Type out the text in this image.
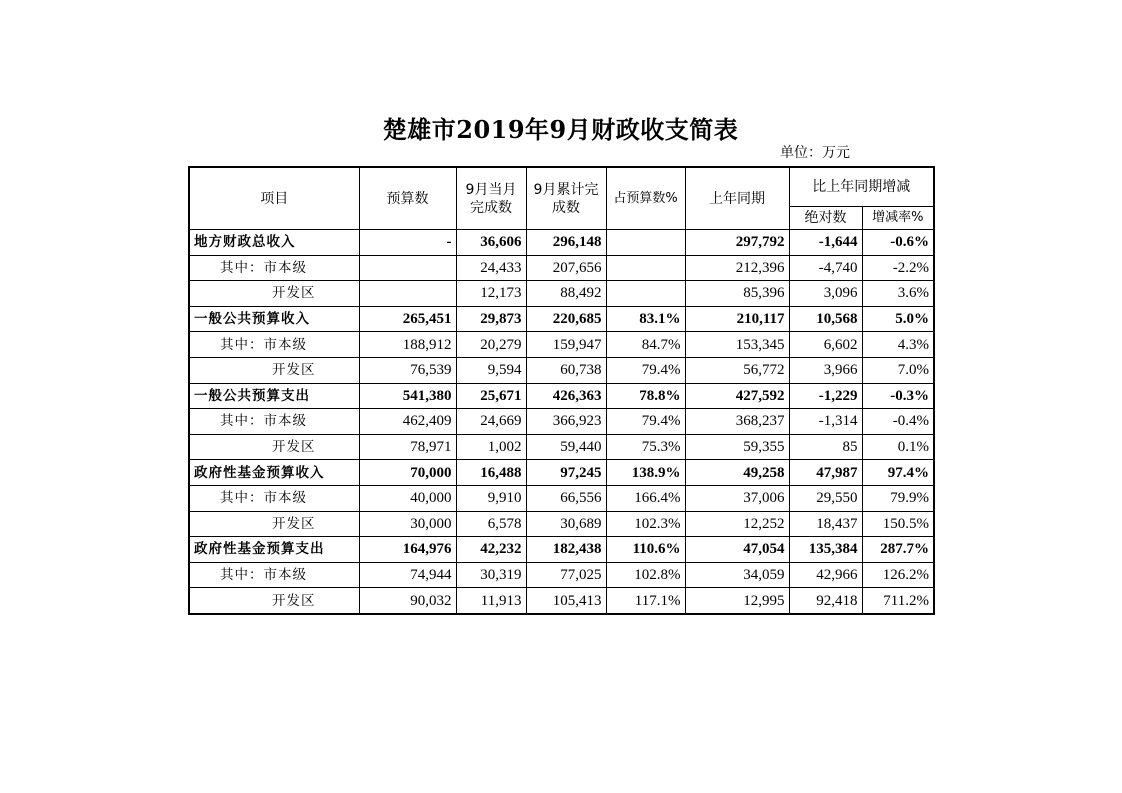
楚雄市2019年9月财政收支简表
单位：万元
项目	预算数	9月当月完成数	9月累计完成数	占预算数%	上年同期	比上年同期增减	
						绝对数	增减率%
地方财政总收入	-	36,606	296,148		297,792	-1,644	-0.6%
其中：市本级		24,433	207,656		212,396	-4,740	-2.2%
开发区		12,173	88,492		85,396	3,096	3.6%
一般公共预算收入	265,451	29,873	220,685	83.1%	210,117	10,568	5.0%
其中：市本级	188,912	20,279	159,947	84.7%	153,345	6,602	4.3%
开发区	76,539	9,594	60,738	79.4%	56,772	3,966	7.0%
一般公共预算支出	541,380	25,671	426,363	78.8%	427,592	-1,229	-0.3%
其中：市本级	462,409	24,669	366,923	79.4%	368,237	-1,314	-0.4%
开发区	78,971	1,002	59,440	75.3%	59,355	85	0.1%
政府性基金预算收入	70,000	16,488	97,245	138.9%	49,258	47,987	97.4%
其中：市本级	40,000	9,910	66,556	166.4%	37,006	29,550	79.9%
开发区	30,000	6,578	30,689	102.3%	12,252	18,437	150.5%
政府性基金预算支出	164,976	42,232	182,438	110.6%	47,054	135,384	287.7%
其中：市本级	74,944	30,319	77,025	102.8%	34,059	42,966	126.2%
开发区	90,032	11,913	105,413	117.1%	12,995	92,418	711.2%
